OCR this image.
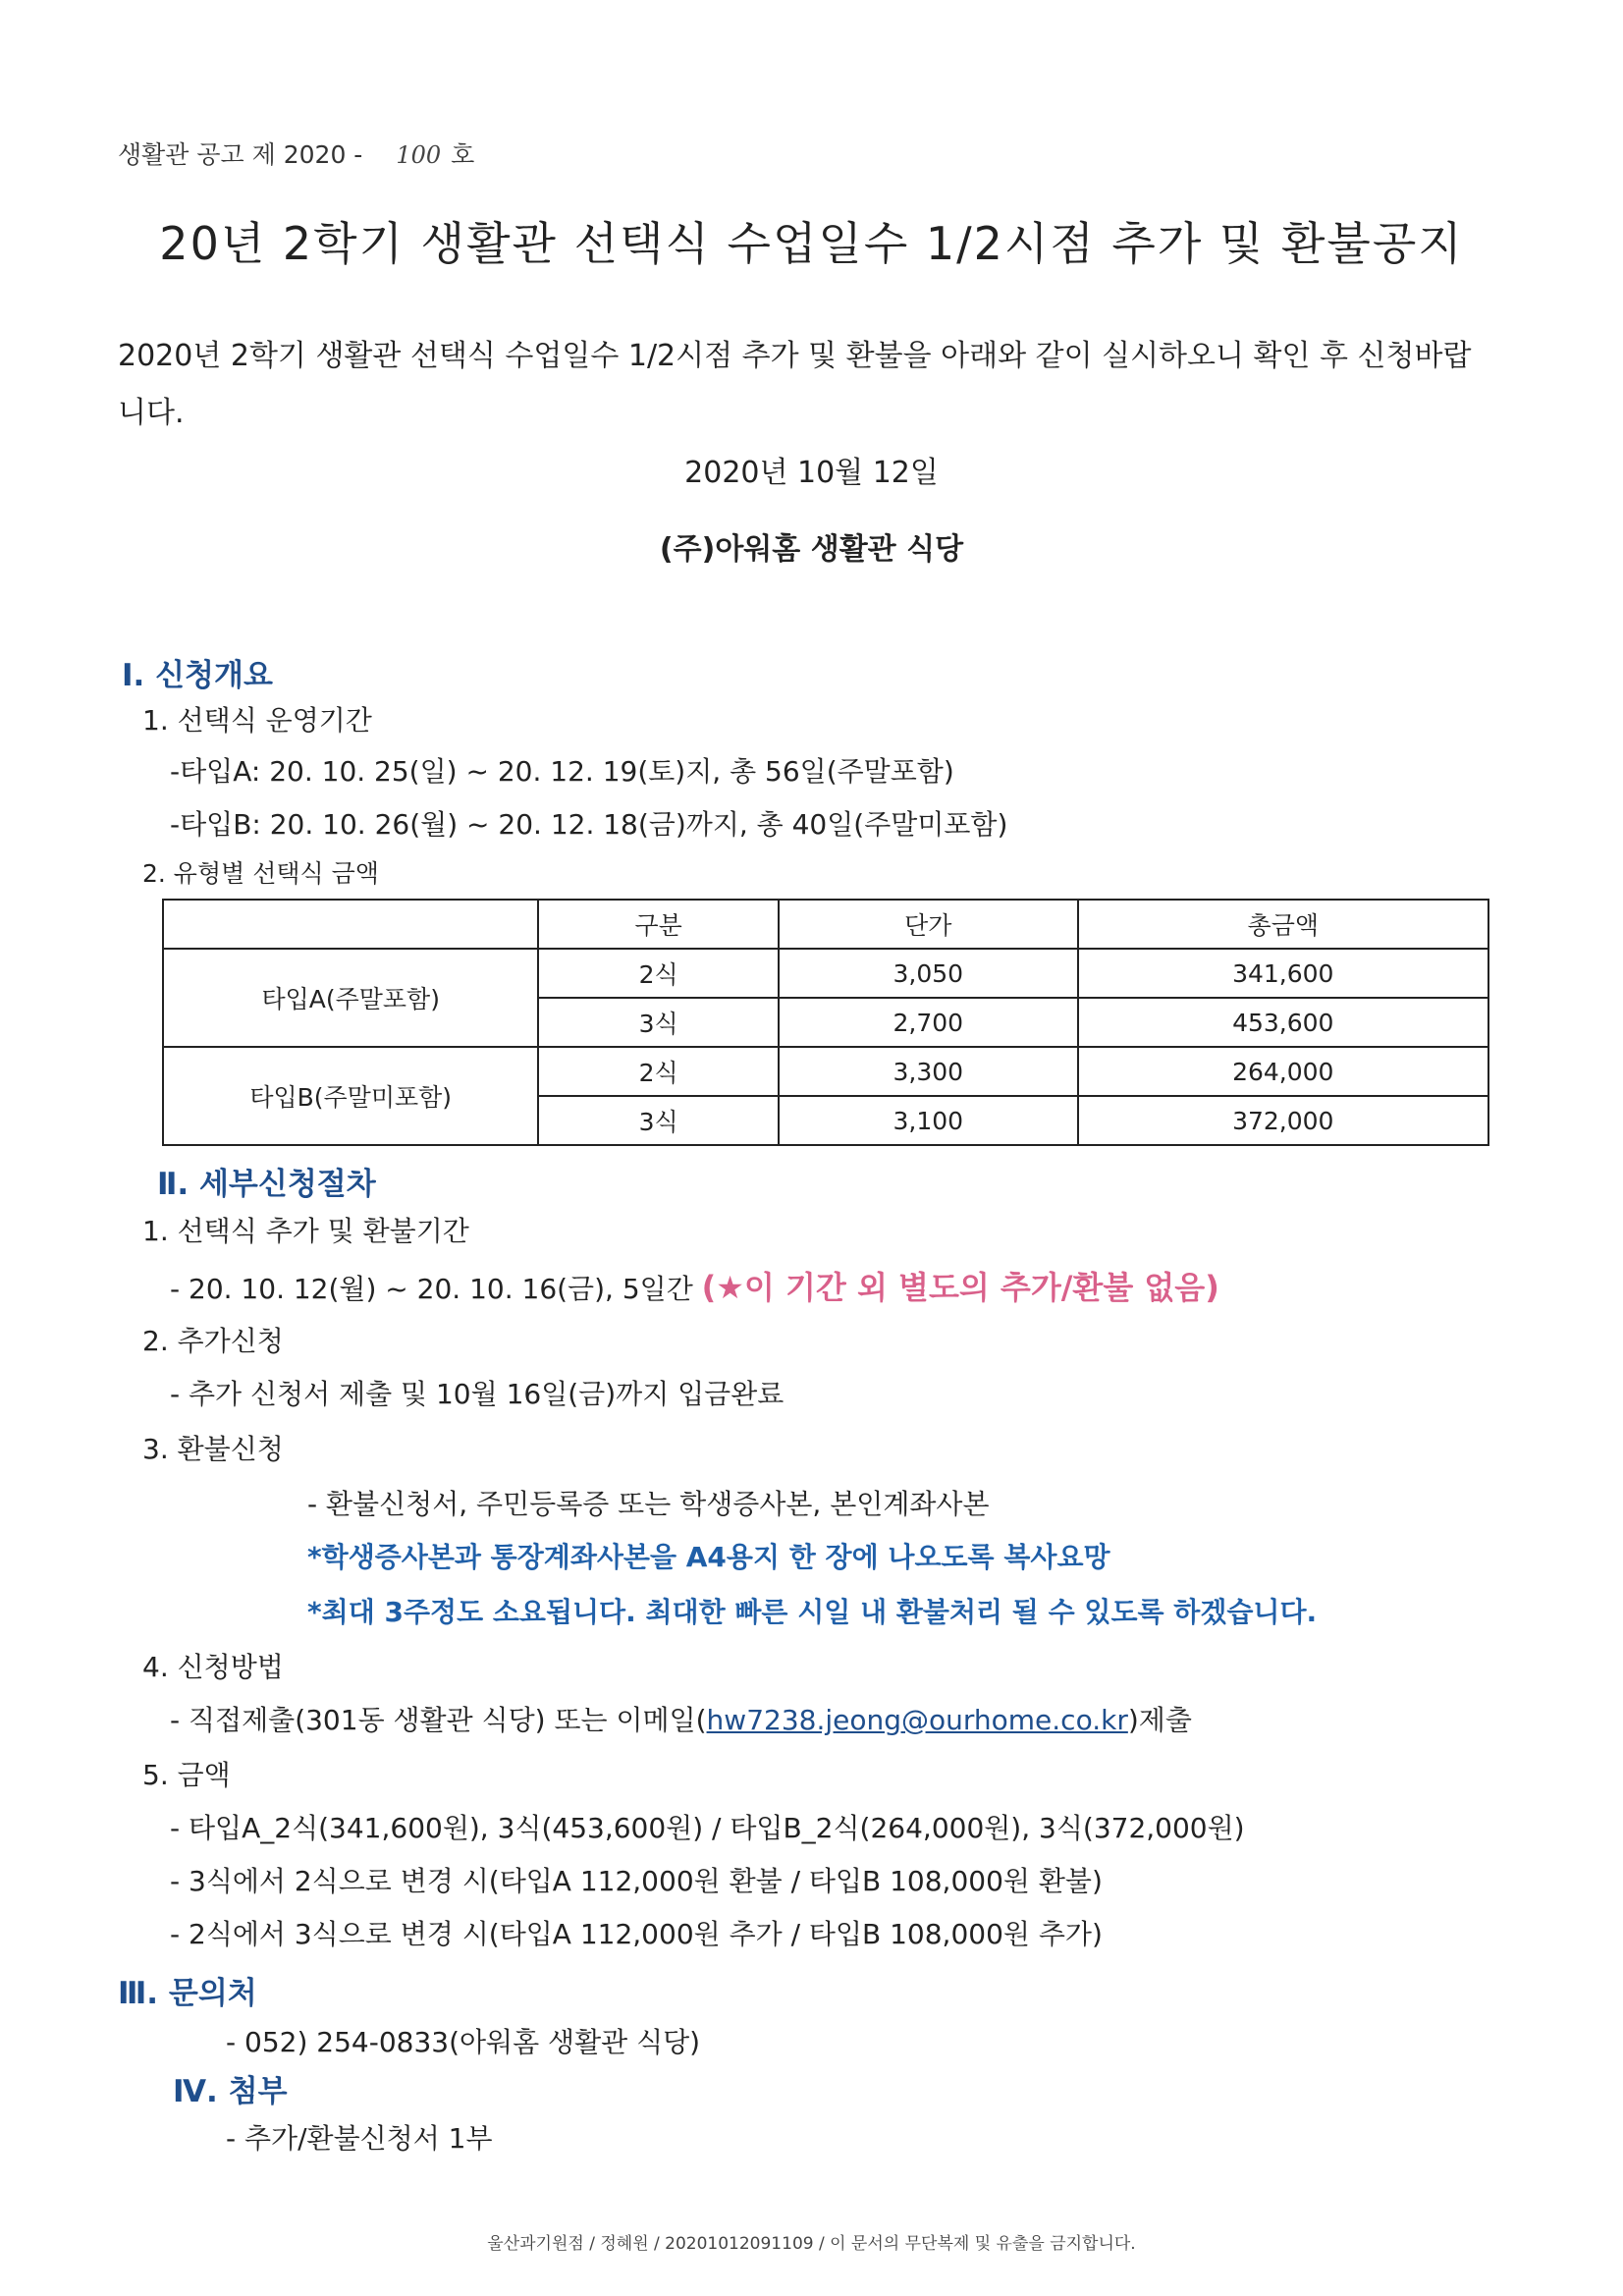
생활관 공고 제 2020 - 100 호
20년 2학기 생활관 선택식 수업일수 1/2시점 추가 및 환불공지
2020년 2학기 생활관 선택식 수업일수 1/2시점 추가 및 환불을 아래와 같이 실시하오니 확인 후 신청바랍니다.
2020년 10월 12일
(주)아워홈 생활관 식당
Ⅰ. 신청개요
1. 선택식 운영기간
-타입A: 20. 10. 25(일) ~ 20. 12. 19(토)지, 총 56일(주말포함)
-타입B: 20. 10. 26(월) ~ 20. 12. 18(금)까지, 총 40일(주말미포함)
2. 유형별 선택식 금액
	구분	단가	총금액
타입A(주말포함)	2식	3,050	341,600
	3식	2,700	453,600
타입B(주말미포함)	2식	3,300	264,000
	3식	3,100	372,000
Ⅱ. 세부신청절차
1. 선택식 추가 및 환불기간
- 20. 10. 12(월) ~ 20. 10. 16(금), 5일간 (★이 기간 외 별도의 추가/환불 없음)
2. 추가신청
- 추가 신청서 제출 및 10월 16일(금)까지 입금완료
3. 환불신청
- 환불신청서, 주민등록증 또는 학생증사본, 본인계좌사본
*학생증사본과 통장계좌사본을 A4용지 한 장에 나오도록 복사요망
*최대 3주정도 소요됩니다. 최대한 빠른 시일 내 환불처리 될 수 있도록 하겠습니다.
4. 신청방법
- 직접제출(301동 생활관 식당) 또는 이메일(hw7238.jeong@ourhome.co.kr)제출
5. 금액
- 타입A_2식(341,600원), 3식(453,600원) / 타입B_2식(264,000원), 3식(372,000원)
- 3식에서 2식으로 변경 시(타입A 112,000원 환불 / 타입B 108,000원 환불)
- 2식에서 3식으로 변경 시(타입A 112,000원 추가 / 타입B 108,000원 추가)
Ⅲ. 문의처
- 052) 254-0833(아워홈 생활관 식당)
Ⅳ. 첨부
- 추가/환불신청서 1부
울산과기원점 / 정혜원 / 20201012091109 / 이 문서의 무단복제 및 유출을 금지합니다.
